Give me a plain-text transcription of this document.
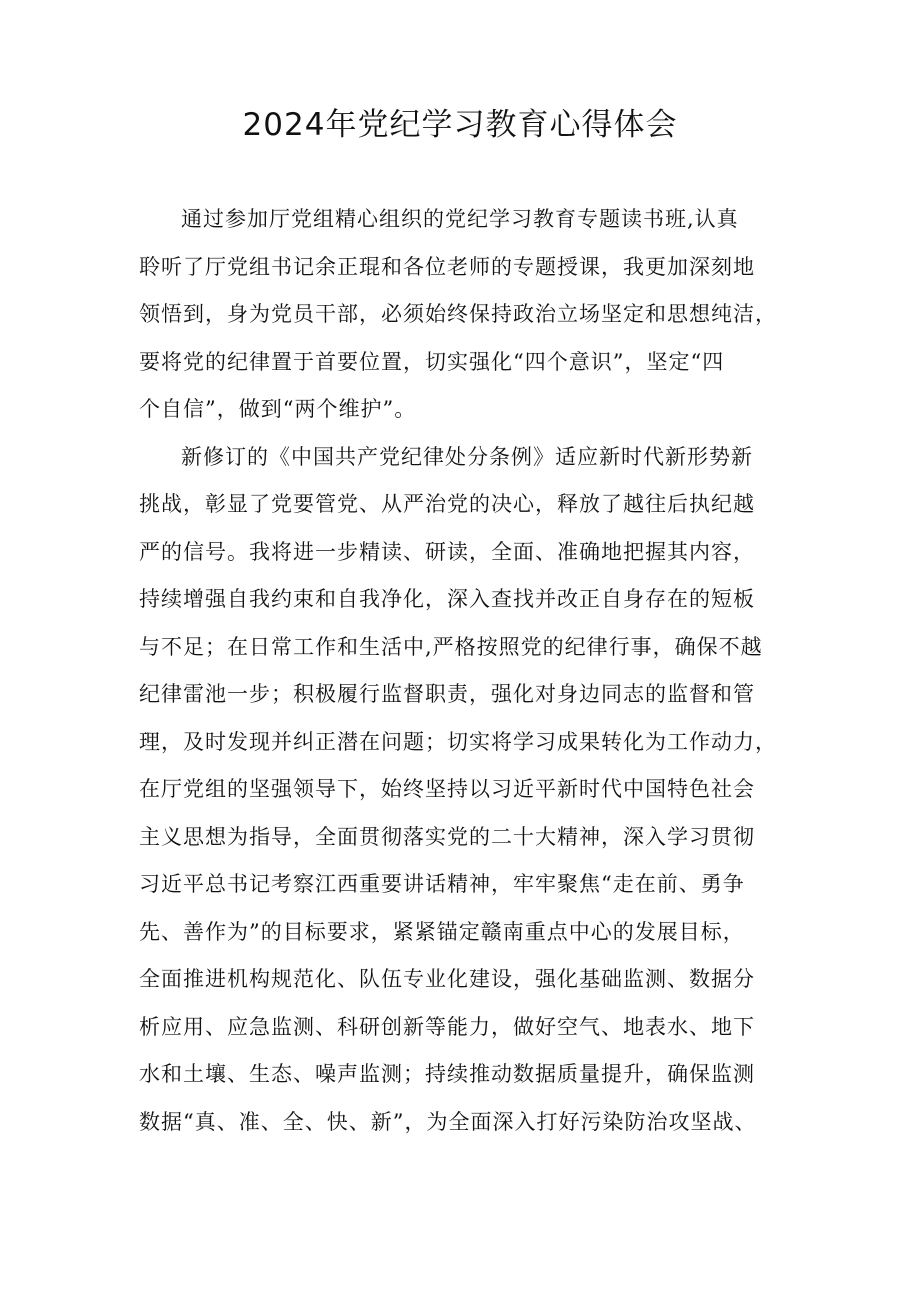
2024年党纪学习教育心得体会
通过参加厅党组精心组织的党纪学习教育专题读书班,认真
聆听了厅党组书记余正琨和各位老师的专题授课，我更加深刻地
领悟到，身为党员干部，必须始终保持政治立场坚定和思想纯洁，
要将党的纪律置于首要位置，切实强化“四个意识”，坚定“四
个自信”，做到“两个维护”。
新修订的《中国共产党纪律处分条例》适应新时代新形势新
挑战，彰显了党要管党、从严治党的决心，释放了越往后执纪越
严的信号。我将进一步精读、研读，全面、准确地把握其内容，
持续增强自我约束和自我净化，深入查找并改正自身存在的短板
与不足；在日常工作和生活中,严格按照党的纪律行事，确保不越
纪律雷池一步；积极履行监督职责，强化对身边同志的监督和管
理，及时发现并纠正潜在问题；切实将学习成果转化为工作动力，
在厅党组的坚强领导下，始终坚持以习近平新时代中国特色社会
主义思想为指导，全面贯彻落实党的二十大精神，深入学习贯彻
习近平总书记考察江西重要讲话精神，牢牢聚焦“走在前、勇争
先、善作为”的目标要求，紧紧锚定赣南重点中心的发展目标，
全面推进机构规范化、队伍专业化建设，强化基础监测、数据分
析应用、应急监测、科研创新等能力，做好空气、地表水、地下
水和土壤、生态、噪声监测；持续推动数据质量提升，确保监测
数据“真、准、全、快、新”，为全面深入打好污染防治攻坚战、
